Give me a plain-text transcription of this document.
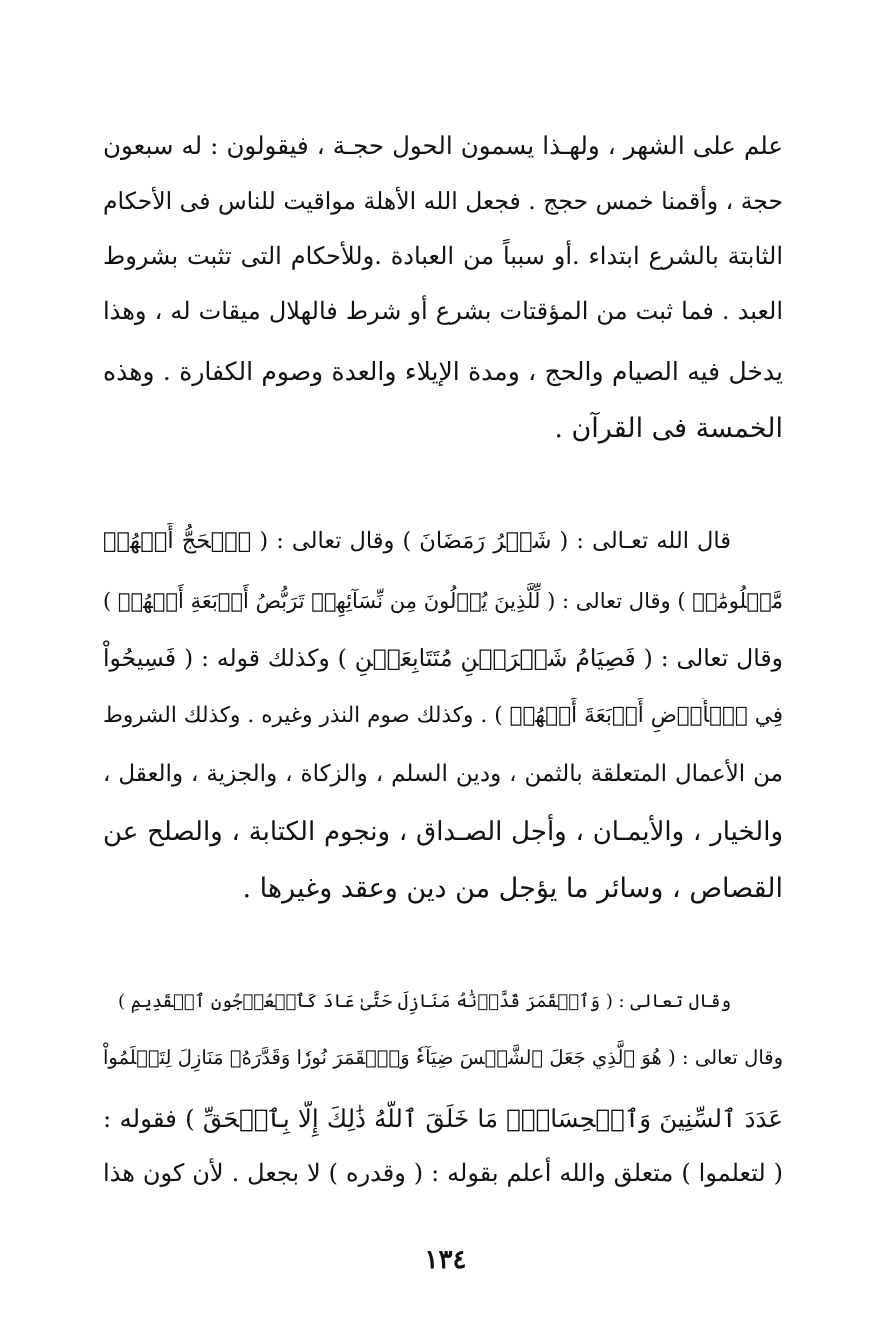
علم على الشهر ، ولهـذا يسمون الحول حجـة ، فيقولون : له سبعون
حجة ، وأقمنا خمس حجج . فجعل الله الأهلة مواقيت للناس فى الأحكام
الثابتة بالشرع ابتداء .أو سبباً من العبادة .وللأحكام التى تثبت بشروط
العبد . فما ثبت من المؤقتات بشرع أو شرط فالهلال ميقات له ، وهذا
يدخل فيه الصيام والحج ، ومدة الإيلاء والعدة وصوم الكفارة . وهذه
الخمسة فى القرآن .
قال الله تعـالى : ( شَهۡرُ رَمَضَانَ ) وقال تعالى : ( ٱلۡحَجُّ أَشۡهُرٞ
مَّعۡلُومَٰتٞ ) وقال تعالى : ( لِّلَّذِينَ يُؤۡلُونَ مِن نِّسَآئِهِمۡ تَرَبُّصُ أَرۡبَعَةِ أَشۡهُرٖ )
وقال تعالى : ( فَصِيَامُ شَهۡرَيۡنِ مُتَتَابِعَيۡنِ ) وكذلك قوله : ( فَسِيحُواْ
فِي ٱلۡأَرۡضِ أَرۡبَعَةَ أَشۡهُرٖ ) . وكذلك صوم النذر وغيره . وكذلك الشروط
من الأعمال المتعلقة بالثمن ، ودين السلم ، والزكاة ، والجزية ، والعقل ،
والخيار ، والأيمـان ، وأجل الصـداق ، ونجوم الكتابة ، والصلح عن
القصاص ، وسائر ما يؤجل من دين وعقد وغيرها .
وقال تعالى : ( وَٱلۡقَمَرَ قَدَّرۡنَٰهُ مَنَازِلَ حَتَّىٰ عَادَ كَٱلۡعُرۡجُونِ ٱلۡقَدِيمِ )
وقال تعالى : ( هُوَ ٱلَّذِي جَعَلَ ٱلشَّمۡسَ ضِيَآءٗ وَٱلۡقَمَرَ نُورٗا وَقَدَّرَهُۥ مَنَازِلَ لِتَعۡلَمُواْ
عَدَدَ ٱلسِّنِينَ وَٱلۡحِسَابَۚ مَا خَلَقَ ٱللَّهُ ذَٰلِكَ إِلَّا بِٱلۡحَقِّ ) فقوله :
( لتعلموا ) متعلق والله أعلم بقوله : ( وقدره ) لا بجعل . لأن كون هذا
١٣٤
